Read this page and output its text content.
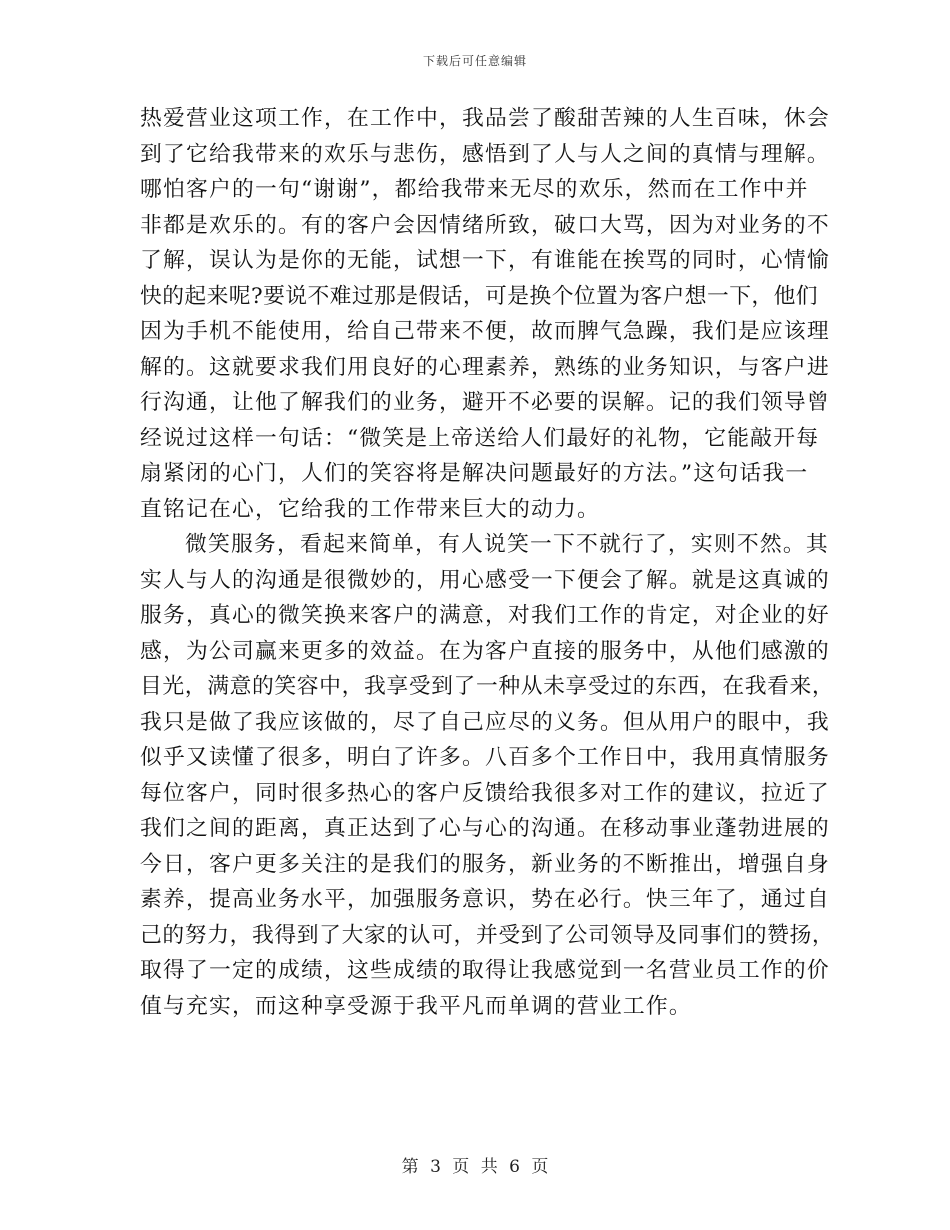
下载后可任意编辑
热爱营业这项工作，在工作中，我品尝了酸甜苦辣的人生百味，休会
到了它给我带来的欢乐与悲伤，感悟到了人与人之间的真情与理解。
哪怕客户的一句“谢谢”，都给我带来无尽的欢乐，然而在工作中并
非都是欢乐的。有的客户会因情绪所致，破口大骂，因为对业务的不
了解，误认为是你的无能，试想一下，有谁能在挨骂的同时，心情愉
快的起来呢?要说不难过那是假话，可是换个位置为客户想一下，他们
因为手机不能使用，给自己带来不便，故而脾气急躁，我们是应该理
解的。这就要求我们用良好的心理素养，熟练的业务知识，与客户进
行沟通，让他了解我们的业务，避开不必要的误解。记的我们领导曾
经说过这样一句话：“微笑是上帝送给人们最好的礼物，它能敲开每
扇紧闭的心门，人们的笑容将是解决问题最好的方法。”这句话我一
直铭记在心，它给我的工作带来巨大的动力。
微笑服务，看起来简单，有人说笑一下不就行了，实则不然。其
实人与人的沟通是很微妙的，用心感受一下便会了解。就是这真诚的
服务，真心的微笑换来客户的满意，对我们工作的肯定，对企业的好
感，为公司赢来更多的效益。在为客户直接的服务中，从他们感激的
目光，满意的笑容中，我享受到了一种从未享受过的东西，在我看来，
我只是做了我应该做的，尽了自己应尽的义务。但从用户的眼中，我
似乎又读懂了很多，明白了许多。八百多个工作日中，我用真情服务
每位客户，同时很多热心的客户反馈给我很多对工作的建议，拉近了
我们之间的距离，真正达到了心与心的沟通。在移动事业蓬勃进展的
今日，客户更多关注的是我们的服务，新业务的不断推出，增强自身
素养，提高业务水平，加强服务意识，势在必行。快三年了，通过自
己的努力，我得到了大家的认可，并受到了公司领导及同事们的赞扬，
取得了一定的成绩，这些成绩的取得让我感觉到一名营业员工作的价
值与充实，而这种享受源于我平凡而单调的营业工作。
第 3 页 共 6 页
